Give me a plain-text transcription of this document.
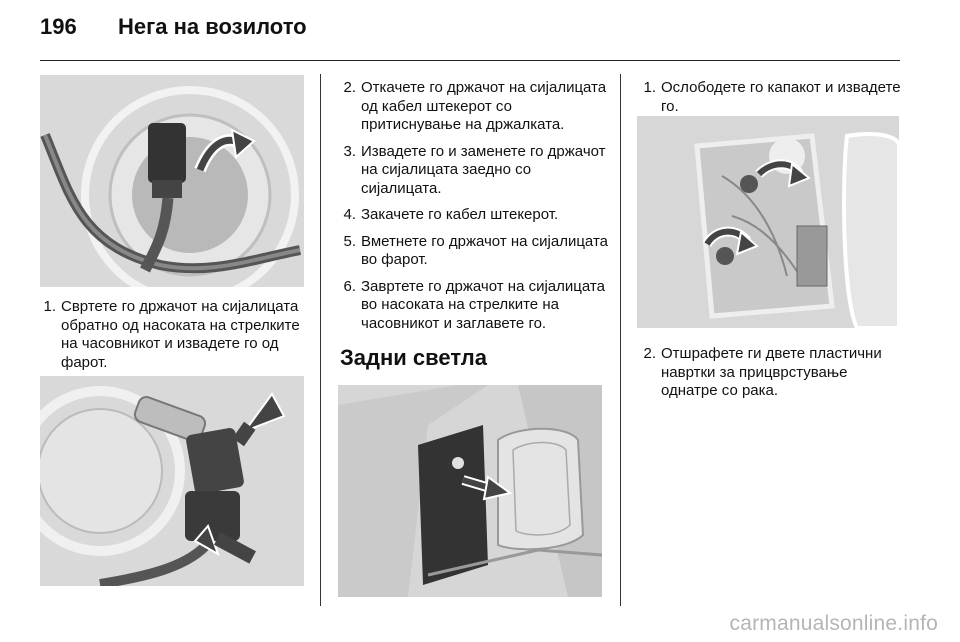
196	Нега на возилото
1. Свртете го држачот на сијалицата обратно од насоката на стрелките на часовникот и извадете го од фарот.
2. Откачете го држачот на сијалицата од кабел штекерот со притиснување на држалката.
3. Извадете го и заменете го држачот на сијалицата заедно со сијалицата.
4. Закачете го кабел штекерот.
5. Вметнете го држачот на сијалицата во фарот.
6. Завртете го држачот на сијалицата во насоката на стрелките на часовникот и заглавете го.
Задни светла
1. Ослободете го капакот и извадете го.
2. Отшрафете ги двете пластични навртки за прицврстување однатре со рака.
carmanualsonline.info
